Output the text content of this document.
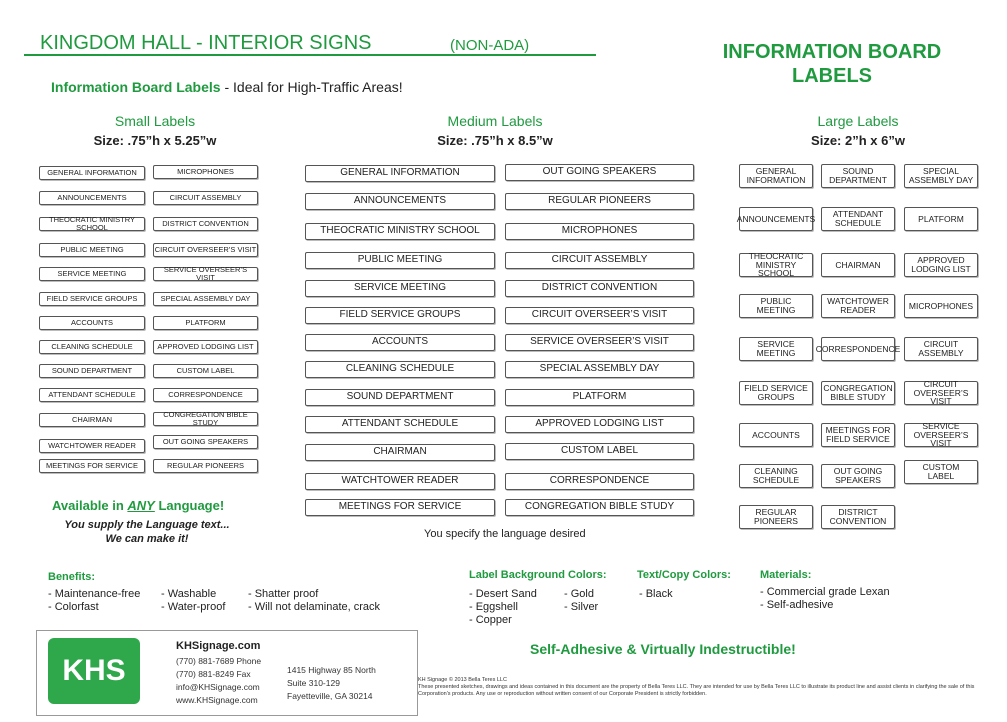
KINGDOM HALL - INTERIOR SIGNS	(NON-ADA)	INFORMATION BOARD
LABELS
Information Board Labels - Ideal for High-Traffic Areas!
Small Labels
Size: .75”h x 5.25”w
Medium Labels
Size: .75”h x 8.5”w
Large Labels
Size: 2”h x 6”w
GENERAL INFORMATION
ANNOUNCEMENTS
THEOCRATIC MINISTRY SCHOOL
PUBLIC MEETING
SERVICE MEETING
FIELD SERVICE GROUPS
ACCOUNTS
CLEANING SCHEDULE
SOUND DEPARTMENT
ATTENDANT SCHEDULE
CHAIRMAN
WATCHTOWER READER
MEETINGS FOR SERVICE
MICROPHONES
CIRCUIT ASSEMBLY
DISTRICT CONVENTION
CIRCUIT OVERSEER’S VISIT
SERVICE OVERSEER’S VISIT
SPECIAL ASSEMBLY DAY
PLATFORM
APPROVED LODGING LIST
CUSTOM LABEL
CORRESPONDENCE
CONGREGATION BIBLE STUDY
OUT GOING SPEAKERS
REGULAR PIONEERS
GENERAL INFORMATION
ANNOUNCEMENTS
THEOCRATIC MINISTRY SCHOOL
PUBLIC MEETING
SERVICE MEETING
FIELD SERVICE GROUPS
ACCOUNTS
CLEANING SCHEDULE
SOUND DEPARTMENT
ATTENDANT SCHEDULE
CHAIRMAN
WATCHTOWER READER
MEETINGS FOR SERVICE
OUT GOING SPEAKERS
REGULAR PIONEERS
MICROPHONES
CIRCUIT ASSEMBLY
DISTRICT CONVENTION
CIRCUIT OVERSEER’S VISIT
SERVICE OVERSEER’S VISIT
SPECIAL ASSEMBLY DAY
PLATFORM
APPROVED LODGING LIST
CUSTOM LABEL
CORRESPONDENCE
CONGREGATION BIBLE STUDY
GENERAL
INFORMATION
ANNOUNCEMENTS
THEOCRATIC
MINISTRY SCHOOL
PUBLIC
MEETING
SERVICE
MEETING
FIELD SERVICE
GROUPS
ACCOUNTS
CLEANING
SCHEDULE
REGULAR
PIONEERS
SOUND
DEPARTMENT
ATTENDANT
SCHEDULE
CHAIRMAN
WATCHTOWER
READER
CORRESPONDENCE
CONGREGATION
BIBLE STUDY
MEETINGS FOR
FIELD SERVICE
OUT GOING
SPEAKERS
DISTRICT
CONVENTION
SPECIAL
ASSEMBLY DAY
PLATFORM
APPROVED
LODGING LIST
MICROPHONES
CIRCUIT
ASSEMBLY
CIRCUIT
OVERSEER’S VISIT
SERVICE
OVERSEER’S VISIT
CUSTOM
LABEL
Available in ANY Language!
You supply the Language text...
We can make it!	You specify the language desired
Benefits:
- Maintenance-free
- Colorfast
- Washable
- Water-proof
- Shatter proof
- Will not delaminate, crack
Label Background Colors:
- Desert Sand
- Eggshell
- Copper
- Gold
- Silver
Text/Copy Colors:
- Black
Materials:
- Commercial grade Lexan
- Self-adhesive
KHS
KHSignage.com
(770) 881-7689 Phone
(770) 881-8249 Fax
info@KHSignage.com
www.KHSignage.com
1415 Highway 85 North
Suite 310-129
Fayetteville, GA 30214
Self-Adhesive & Virtually Indestructible!
KH Signage © 2013 Bella Teres LLC
These presented sketches, drawings and ideas contained in this document are the property of Bella Teres LLC. They are intended for use by Bella Teres LLC to illustrate its product line and assist clients in clarifying the sale of this Corporation's products. Any use or reproduction without written consent of our Corporate President is strictly forbidden.
